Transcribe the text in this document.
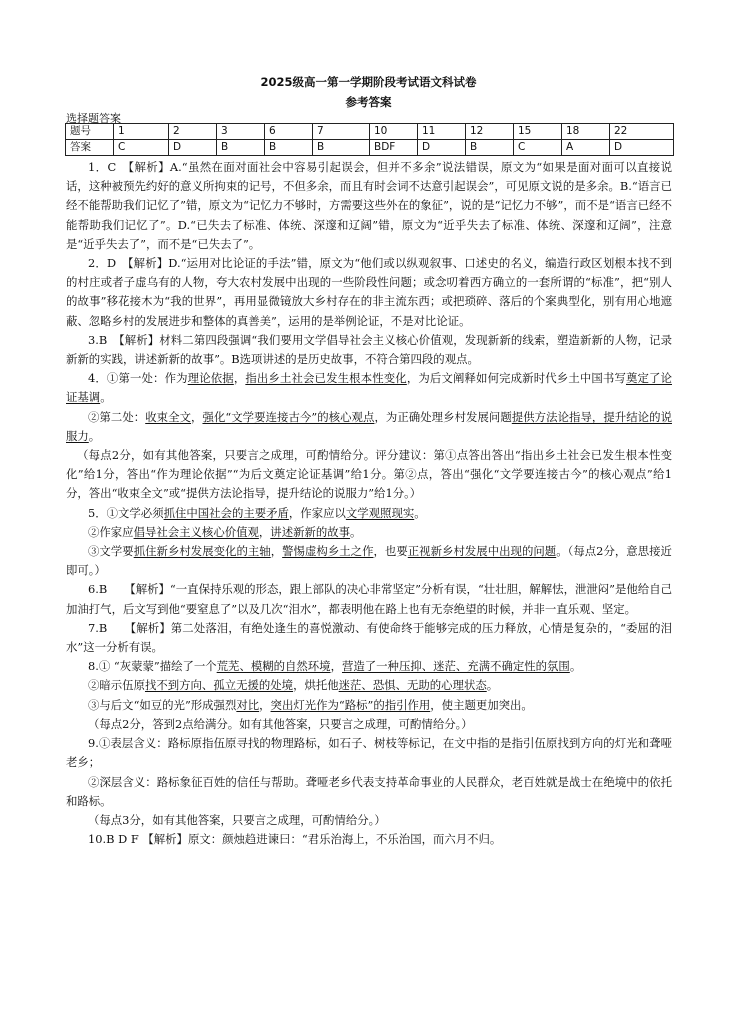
2025级高一第一学期阶段考试语文科试卷
参考答案
选择题答案
题号	1	2	3	6	7	10	11	12	15	18	22
答案	C	D	B	B	B	BDF	D	B	C	A	D

1．C　【解析】A.“虽然在面对面社会中容易引起误会，但并不多余”说法错误，原文为“如果是面对面可以直接说话，这种被预先约好的意义所拘束的记号，不但多余，而且有时会词不达意引起误会”，可见原文说的是多余。B.“语言已经不能帮助我们记忆了”错，原文为“记忆力不够时，方需要这些外在的象征”，说的是“记忆力不够”，而不是“语言已经不能帮助我们记忆了”。D.“已失去了标准、体统、深邃和辽阔”错，原文为“近乎失去了标准、体统、深邃和辽阔”，注意是“近乎失去了”，而不是“已失去了”。

2．D　【解析】D.“运用对比论证的手法”错，原文为“他们或以纵观叙事、口述史的名义，编造行政区划根本找不到的村庄或者子虚乌有的人物，夸大农村发展中出现的一些阶段性问题；或念叨着西方确立的一套所谓的“标准”，把“别人的故事”移花接木为“我的世界”，再用显微镜放大乡村存在的非主流东西；或把琐碎、落后的个案典型化，别有用心地遮蔽、忽略乡村的发展进步和整体的真善美”，运用的是举例论证，不是对比论证。

3.B　【解析】材料二第四段强调“我们要用文学倡导社会主义核心价值观，发现新新的线索，塑造新新的人物，记录新新的实践，讲述新新的故事”。B选项讲述的是历史故事，不符合第四段的观点。

4．①第一处：作为理论依据，指出乡土社会已发生根本性变化，为后文阐释如何完成新时代乡土中国书写奠定了论证基调。

②第二处：收束全文，强化“文学要连接古今”的核心观点，为正确处理乡村发展问题提供方法论指导，提升结论的说服力。

（每点2分，如有其他答案，只要言之成理，可酌情给分。评分建议：第①点答出答出“指出乡土社会已发生根本性变化”给1分，答出“作为理论依据”“为后文奠定论证基调”给1分。第②点，答出“强化“文学要连接古今”的核心观点”给1分，答出“收束全文”或“提供方法论指导，提升结论的说服力”给1分。）

5．①文学必须抓住中国社会的主要矛盾，作家应以文学观照现实。

②作家应倡导社会主义核心价值观，讲述新新的故事。

③文学要抓住新乡村发展变化的主轴，警惕虚构乡土之作，也要正视新乡村发展中出现的问题。（每点2分，意思接近即可。）

6.B　　【解析】“一直保持乐观的形态，跟上部队的决心非常坚定”分析有误，“壮壮胆，解解怯，泄泄闷”是他给自己加油打气，后文写到他“要窒息了”以及几次“泪水”，都表明他在路上也有无奈绝望的时候，并非一直乐观、坚定。

7.B　　【解析】第二处落泪，有绝处逢生的喜悦激动、有使命终于能够完成的压力释放，心情是复杂的，“委屈的泪水”这一分析有误。

8.① “灰蒙蒙”描绘了一个荒芜、模糊的自然环境，营造了一种压抑、迷茫、充满不确定性的氛围。

②暗示伍原找不到方向、孤立无援的处境，烘托他迷茫、恐惧、无助的心理状态。

③与后文“如豆的光”形成强烈对比，突出灯光作为“路标”的指引作用，使主题更加突出。

（每点2分，答到2点给满分。如有其他答案，只要言之成理，可酌情给分。）

9.①表层含义：路标原指伍原寻找的物理路标，如石子、树枝等标记，在文中指的是指引伍原找到方向的灯光和聋哑老乡；

②深层含义：路标象征百姓的信任与帮助。聋哑老乡代表支持革命事业的人民群众，老百姓就是战士在绝境中的依托和路标。

（每点3分，如有其他答案，只要言之成理，可酌情给分。）

10.B D F 【解析】原文：颜烛趋进谏曰：“君乐治海上，不乐治国，而六月不归。
